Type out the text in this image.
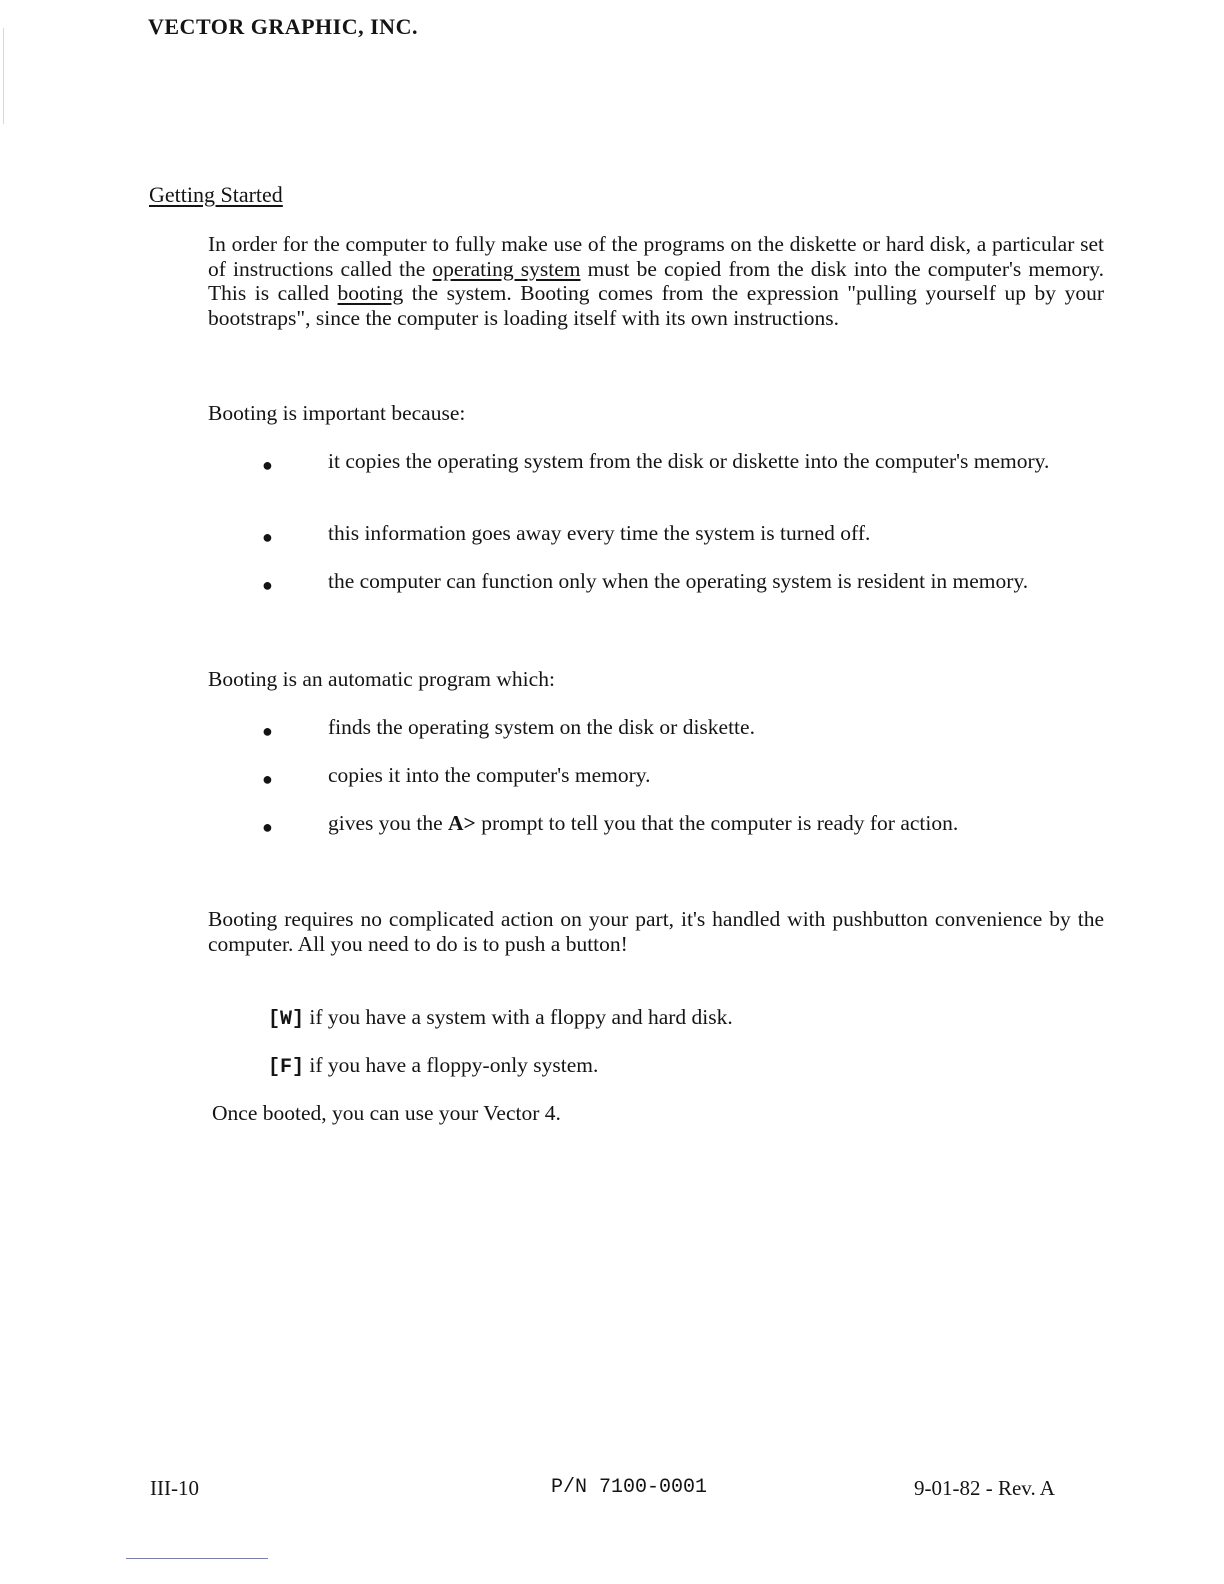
VECTOR GRAPHIC, INC.
Getting Started
In order for the computer to fully make use of the programs on the diskette or hard disk, a particular set of instructions called the operating system must be copied from the disk into the computer's memory. This is called booting the system. Booting comes from the expression "pulling yourself up by your bootstraps", since the computer is loading itself with its own instructions.
Booting is important because:
●	it copies the operating system from the disk or diskette into the computer's memory.
●	this information goes away every time the system is turned off.
●	the computer can function only when the operating system is resident in memory.
Booting is an automatic program which:
●	finds the operating system on the disk or diskette.
●	copies it into the computer's memory.
●	gives you the A> prompt to tell you that the computer is ready for action.
Booting requires no complicated action on your part, it's handled with pushbutton convenience by the computer. All you need to do is to push a button!
[W] if you have a system with a floppy and hard disk.
[F] if you have a floppy-only system.
Once booted, you can use your Vector 4.
III-10	P/N 7100-0001	9-01-82 - Rev. A
